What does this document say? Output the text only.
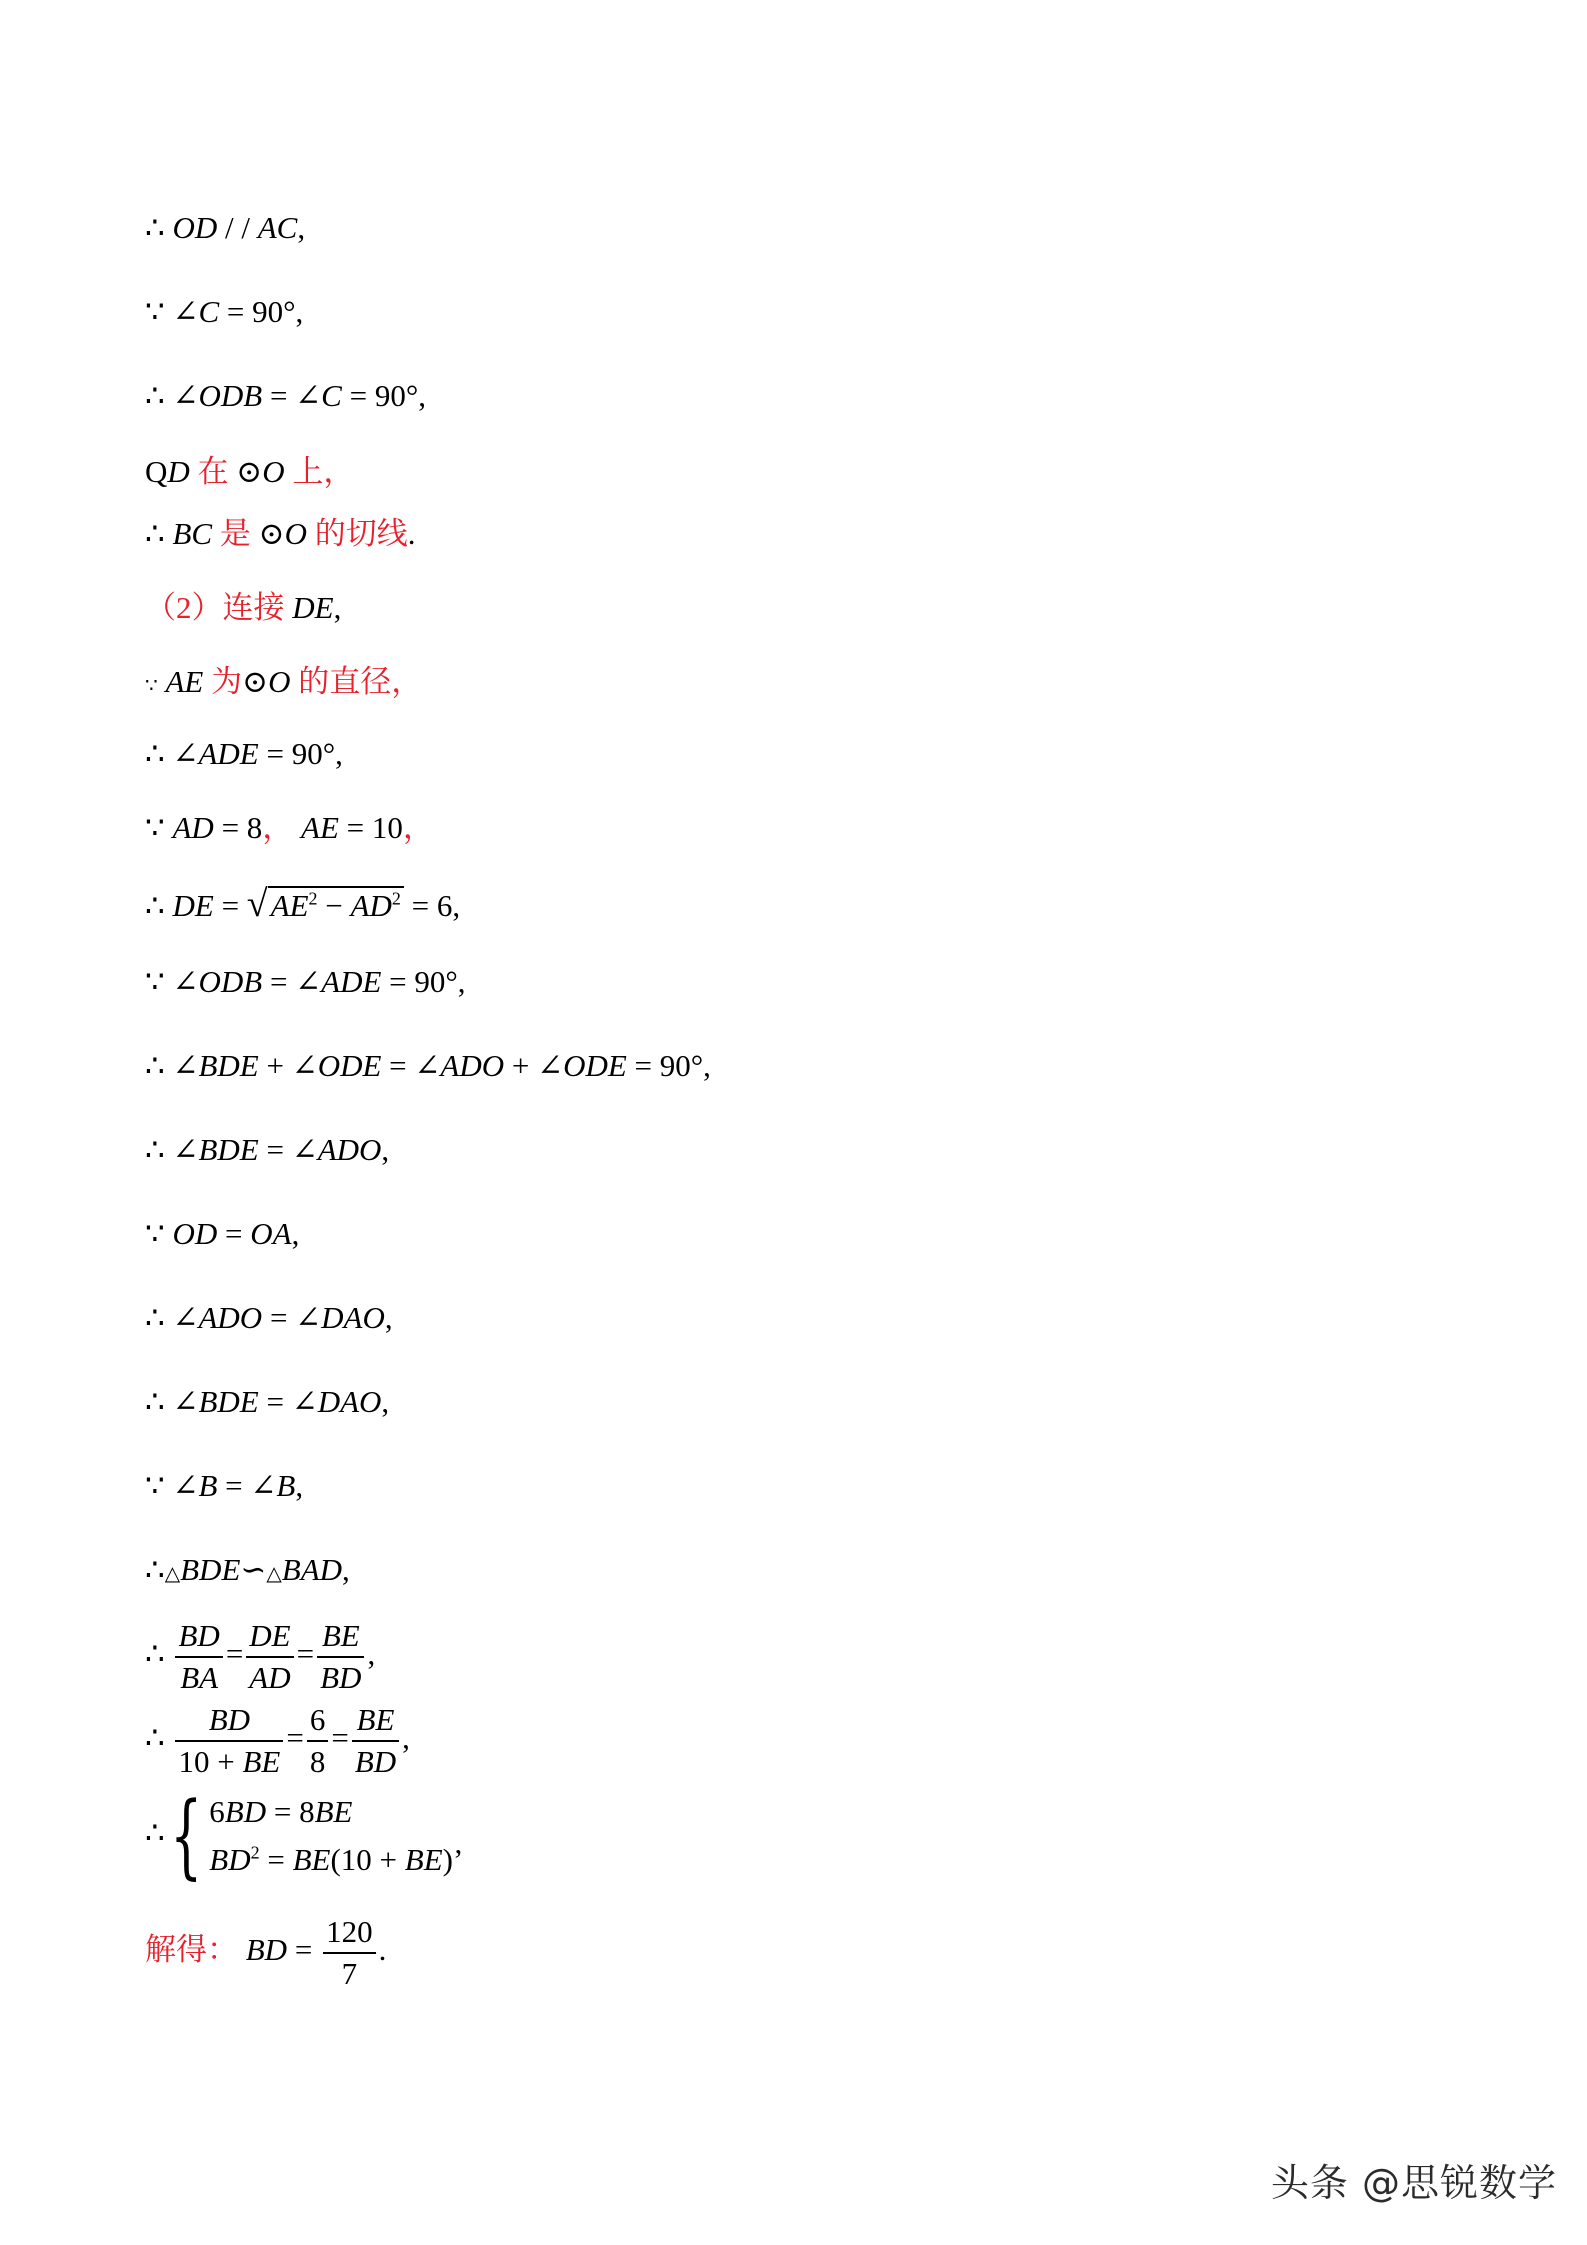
∴ OD / / AC,
∵ ∠C = 90°,
∴ ∠ODB = ∠C = 90°,
QD 在 ⊙O 上，
∴ BC 是 ⊙O 的切线.
（2）连接 DE,
∵ AE 为⊙O 的直径，
∴ ∠ADE = 90°,
∵ AD = 8， AE = 10，
∴ DE = $√AE^2 - AD^2 = 6$,
∵ ∠ODB = ∠ADE = 90°,
∴ ∠BDE + ∠ODE = ∠ADO + ∠ODE = 90°,
∴ ∠BDE = ∠ADO,
∵ OD = OA,
∴ ∠ADO = ∠DAO,
∴ ∠BDE = ∠DAO,
∵ ∠B = ∠B,
∴△BDE∽△BAD,
∴ $\frac{BD}{BA} = \frac{DE}{AD} = \frac{BE}{BD}$ ,
∴ $\frac{BD}{10 + BE} = \frac{6}{8} = \frac{BE}{BD}$ ,
∴{ 6BD = 8BE
$BD^2 = BE(10 + BE)$’
解得： BD = $\frac{120}{7}$ .
头条 @思锐数学
